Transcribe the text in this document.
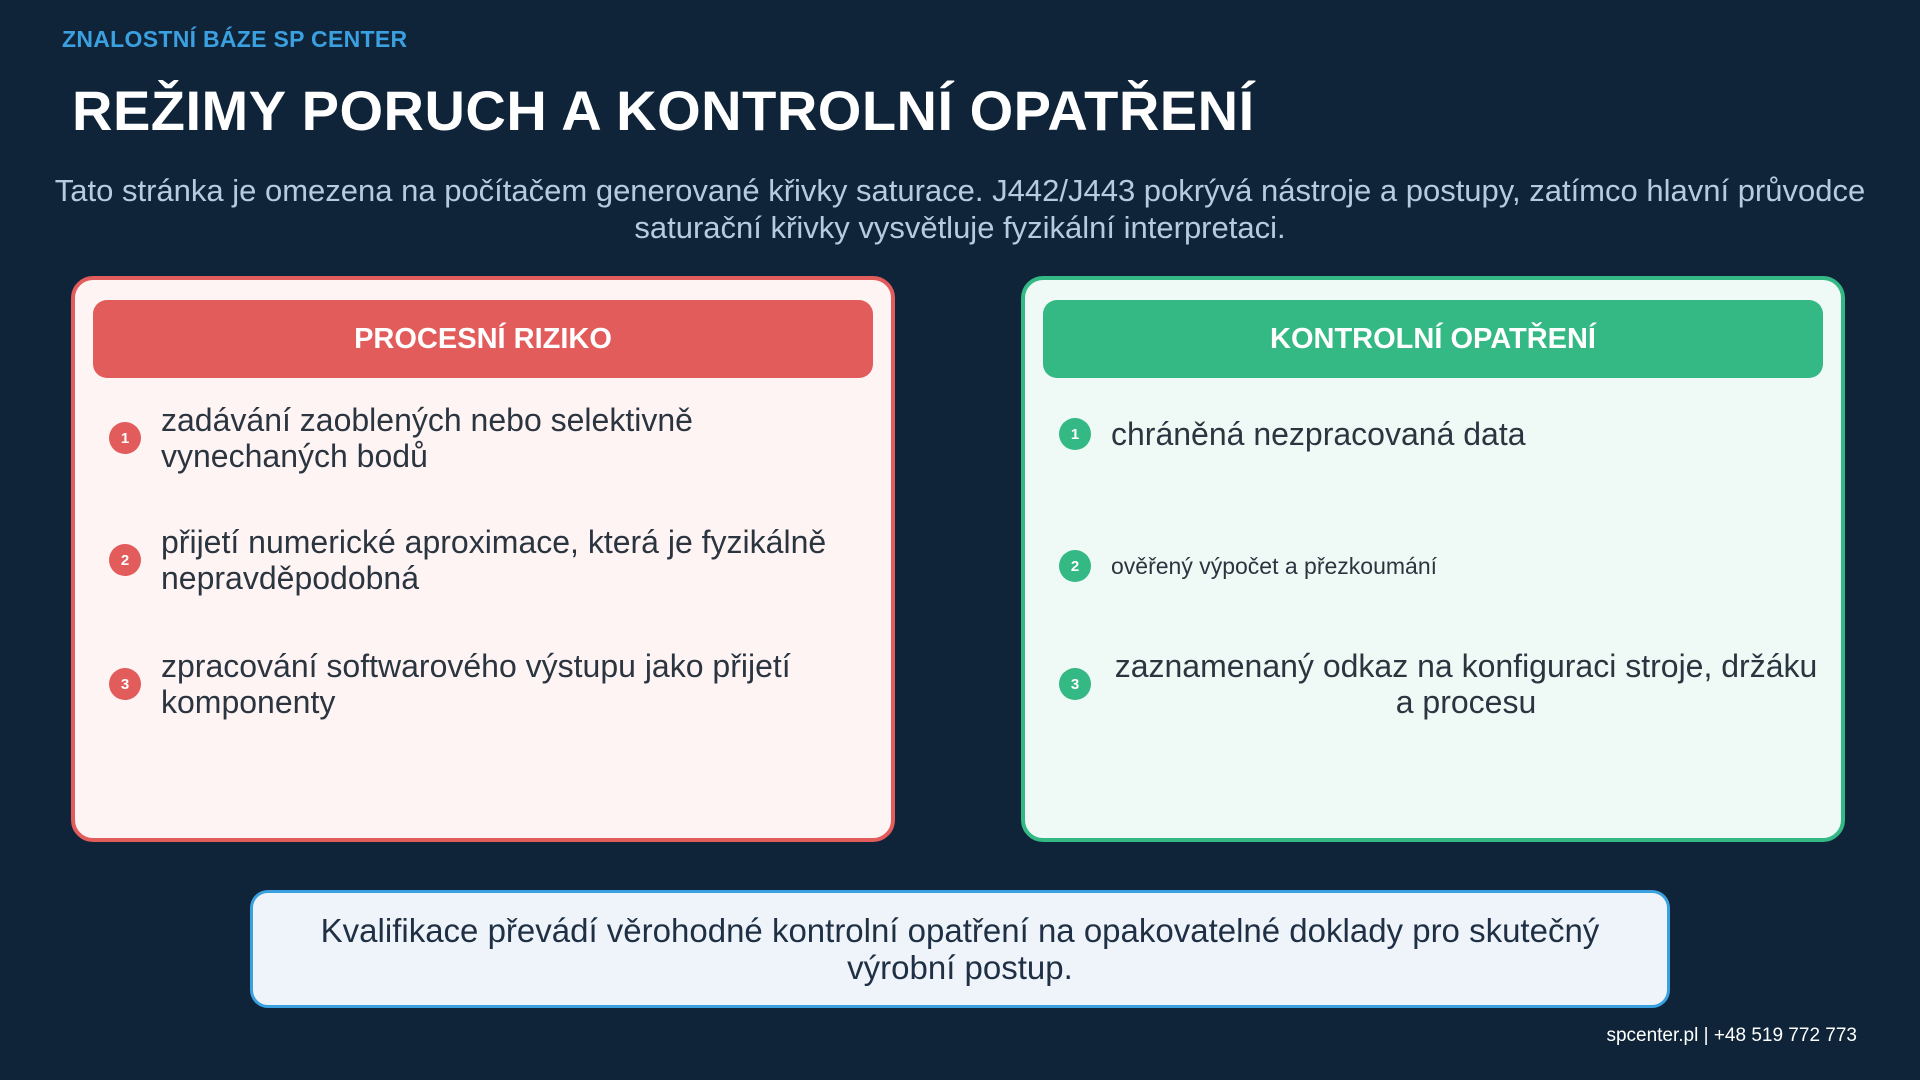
ZNALOSTNÍ BÁZE SP CENTER
REŽIMY PORUCH A KONTROLNÍ OPATŘENÍ
Tato stránka je omezena na počítačem generované křivky saturace. J442/J443 pokrývá nástroje a postupy, zatímco hlavní průvodce saturační křivky vysvětluje fyzikální interpretaci.
PROCESNÍ RIZIKO
1 zadávání zaoblených nebo selektivně vynechaných bodů
2 přijetí numerické aproximace, která je fyzikálně nepravděpodobná
3 zpracování softwarového výstupu jako přijetí komponenty
KONTROLNÍ OPATŘENÍ
1 chráněná nezpracovaná data
2	ověřený výpočet a přezkoumání
3	zaznamenaný odkaz na konfiguraci stroje, držáku a procesu
Kvalifikace převádí věrohodné kontrolní opatření na opakovatelné doklady pro skutečný výrobní postup.
spcenter.pl | +48 519 772 773
